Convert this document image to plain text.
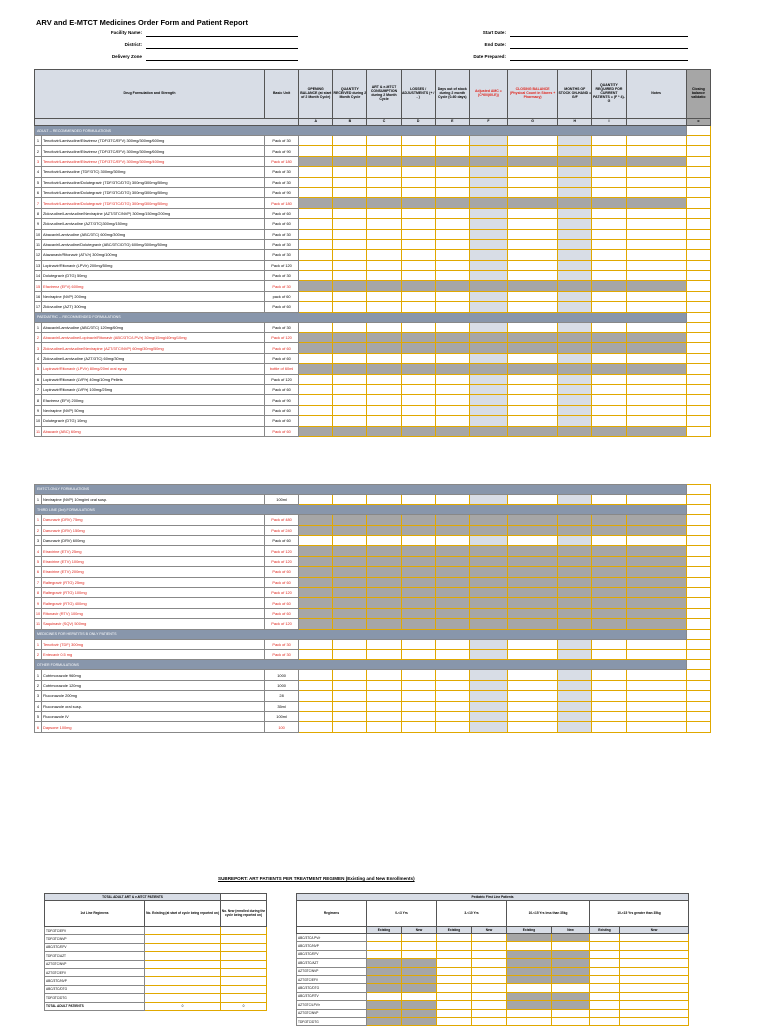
ARV and E-MTCT Medicines Order Form and Patient Report
Facility Name:
District:
Delivery Zone
Start Date:
End Date:
Date Prepared:
Drug Formulation and Strength		Basic Unit	OPENING BALANCE (at start of 2 Month Cycle)	QUANTITY RECEIVED during 2 Month Cycle	ART & e-MTCT CONSUMPTION during 2 Month Cycle	LOSSES / ADJUSTMENTS (+ / - )	Days out of stock during 2 month Cycle (0-60 days)	Adjusted AMC = (C*60/(60-E))	CLOSING BALANCE (Physical Count in Stores + Pharmacy)	MONTHS OF STOCK ON-HAND = G/F	QUANTITY REQUIRED FOR CURRENT PATIENTS = (F * 4)-G	Notes	Closing balance validatio
			A	B	C	D	E	F	G	H	I		o
ADULT -- RECOMMENDED FORMULATIONS													
1	Tenofovir/Lamivudine/Efavirenz (TDF/3TC/EFV) 300mg/300mg/600mg	Pack of 30											
2	Tenofovir/Lamivudine/Efavirenz (TDF/3TC/EFV) 300mg/300mg/600mg	Pack of 90											
3	Tenofovir/Lamivudine/Efavirenz (TDF/3TC/EFV) 300mg/300mg/400mg	Pack of 180											
4	Tenofovir/Lamivudine (TDF/3TC) 300mg/300mg	Pack of 30											
5	Tenofovir/Lamivudine/Dolutegravir (TDF/3TC/DTG) 300mg/300mg/50mg	Pack of 30											
6	Tenofovir/Lamivudine/Dolutegravir (TDF/3TC/DTG) 300mg/300mg/50mg	Pack of 90											
7	Tenofovir/Lamivudine/Dolutegravir (TDF/3TC/DTG) 300mg/300mg/50mg	Pack of 180											
8	Zidovudine/Lamivudine/Nevirapine (AZT/3TC/NVP) 300mg/150mg/200mg	Pack of 60											
9	Zidovudine/Lamivudine (AZT/3TC)300mg/150mg	Pack of 60											
10	Abacavir/Lamivudine (ABC/3TC) 600mg/300mg	Pack of 30											
11	Abacavir/Lamivudine/Dolutegravir (ABC/3TC/DTG) 600mg/300mg/50mg	Pack of 30											
12	Atazanavir/Ritonavir (ATV/r) 300mg/100mg	Pack of 30											
13	Lopinavir/Ritonavir (LPV/r) 200mg/50mg	Pack of 120											
14	Dolutegravir (DTG) 50mg	Pack of 30											
15	Efavirenz (EFV) 600mg	Pack of 30											
16	Nevirapine (NVP) 200mg	pack of 60											
17	Zidovudine (AZT) 300mg	Pack of 60											
PAEDIATRIC -- RECOMMENDED FORMULATIONS													
1	Abacavir/Lamivudine (ABC/3TC) 120mg/60mg	Pack of 30											
2	Abacavir/Lamivudine/Lopinavir/Ritonavir (ABC/3TC/LPV/r) 30mg/15mg/40mg/10mg	Pack of 120											
3	Zidovudine/Lamivudine/Nevirapine (AZT/3TC/NVP) 60mg/30mg/50mg	Pack of 60											
4	Zidovudine/Lamivudine (AZT/3TC) 60mg/30mg	Pack of 60											
5	Lopinavir/Ritonavir (LPV/r) 80mg/20ml oral syrup	bottle of 60ml											
6	Lopinavir/Ritonavir (LVP/r) 40mg/10mg Pellets	Pack of 120											
7	Lopinavir/Ritonavir (LVP/r) 100mg/25mg	Pack of 60											
8	Efavirenz (EFV) 200mg	Pack of 90											
9	Nevirapine (NVP) 50mg	Pack of 60											
10	Dolutegravir (DTG) 10mg	Pack of 60											
11	Abacavir (ABC) 60mg	Pack of 60											

EMTCT-ONLY FORMULATIONS													
1	Nevirapine (NVP) 10mg/ml oral susp.	100ml											
THIRD LINE (3rd) FORMULATIONS													
1	Darunavir (DRV) 75mg	Pack of 480											
2	Darunavir (DRV) 150mg	Pack of 240											
3	Darunavir (DRV) 600mg	Pack of 60											
4	Etravirine (ETV) 25mg	Pack of 120											
5	Etravirine (ETV) 100mg	Pack of 120											
6	Etravirine (ETV) 200mg	Pack of 60											
7	Raltegravir (RTG) 25mg	Pack of 60											
8	Raltegravir (RTG) 100mg	Pack of 120											
9	Raltegravir (RTG) 400mg	Pack of 60											
10	Ritonavir (RTV) 100mg	Pack of 60											
11	Saquinavir (SQV) 500mg	Pack of 120											
MEDICINES FOR HEPATITIS B ONLY PATIENTS													
1	Tenofovir (TDF) 300mg	Pack of 30											
2	Entecavir 0.5 mg	Pack of 30											
OTHER FORMULATIONS													
1	Cotrimoxazole 960mg	1000											
2	Cotrimoxazole 120mg	1000											
3	Fluconazole 200mg	28											
4	Fluconazole oral susp.	35ml											
5	Fluconazole IV	100ml											
6	Dapsone 100mg	100											
SUBREPORT: ART PATIENTS PER TREATMENT REGIMEN (Existing and New Enrollments)
TOTAL ADULT ART & e-MTCT PATIENTS		
1st Line Regimens	No. Existing (at start of cycle being reported on)	No. New (enrolled during the cycle being reported on)
TDF/3TC/EFV		
TDF/3TC/NVP		
ABC/3TC/EFV		
TDF/3TC/AZT		
AZT/3TC/NVP		
AZT/3TC/EFV		
ABC/3TC/NVP		
ABC/3TC/DTG		
TDF/3TC/DTG		
TOTAL ADULT PATIENTS	0	0
Pediatric First Line Patients								
Regimens	0-<3 Yrs		3-<10 Yrs		10-<15 Yrs less than 35kg		10-<15 Yrs greater than 35kg	
	Existing	New	Existing	New	Existing	New	Existing	New
ABC/3TC/LPV/r								
ABC/3TC/NVP								
ABC/3TC/EFV								
ABC/3TC/AZT								
AZT/3TC/NVP								
AZT/3TC/EFV								
ABC/3TC/DTG								
ABC/3TC/RTV								
AZT/3TC/LPV/r								
AZT/3TC/NVP								
TDF/3TC/DTG								
